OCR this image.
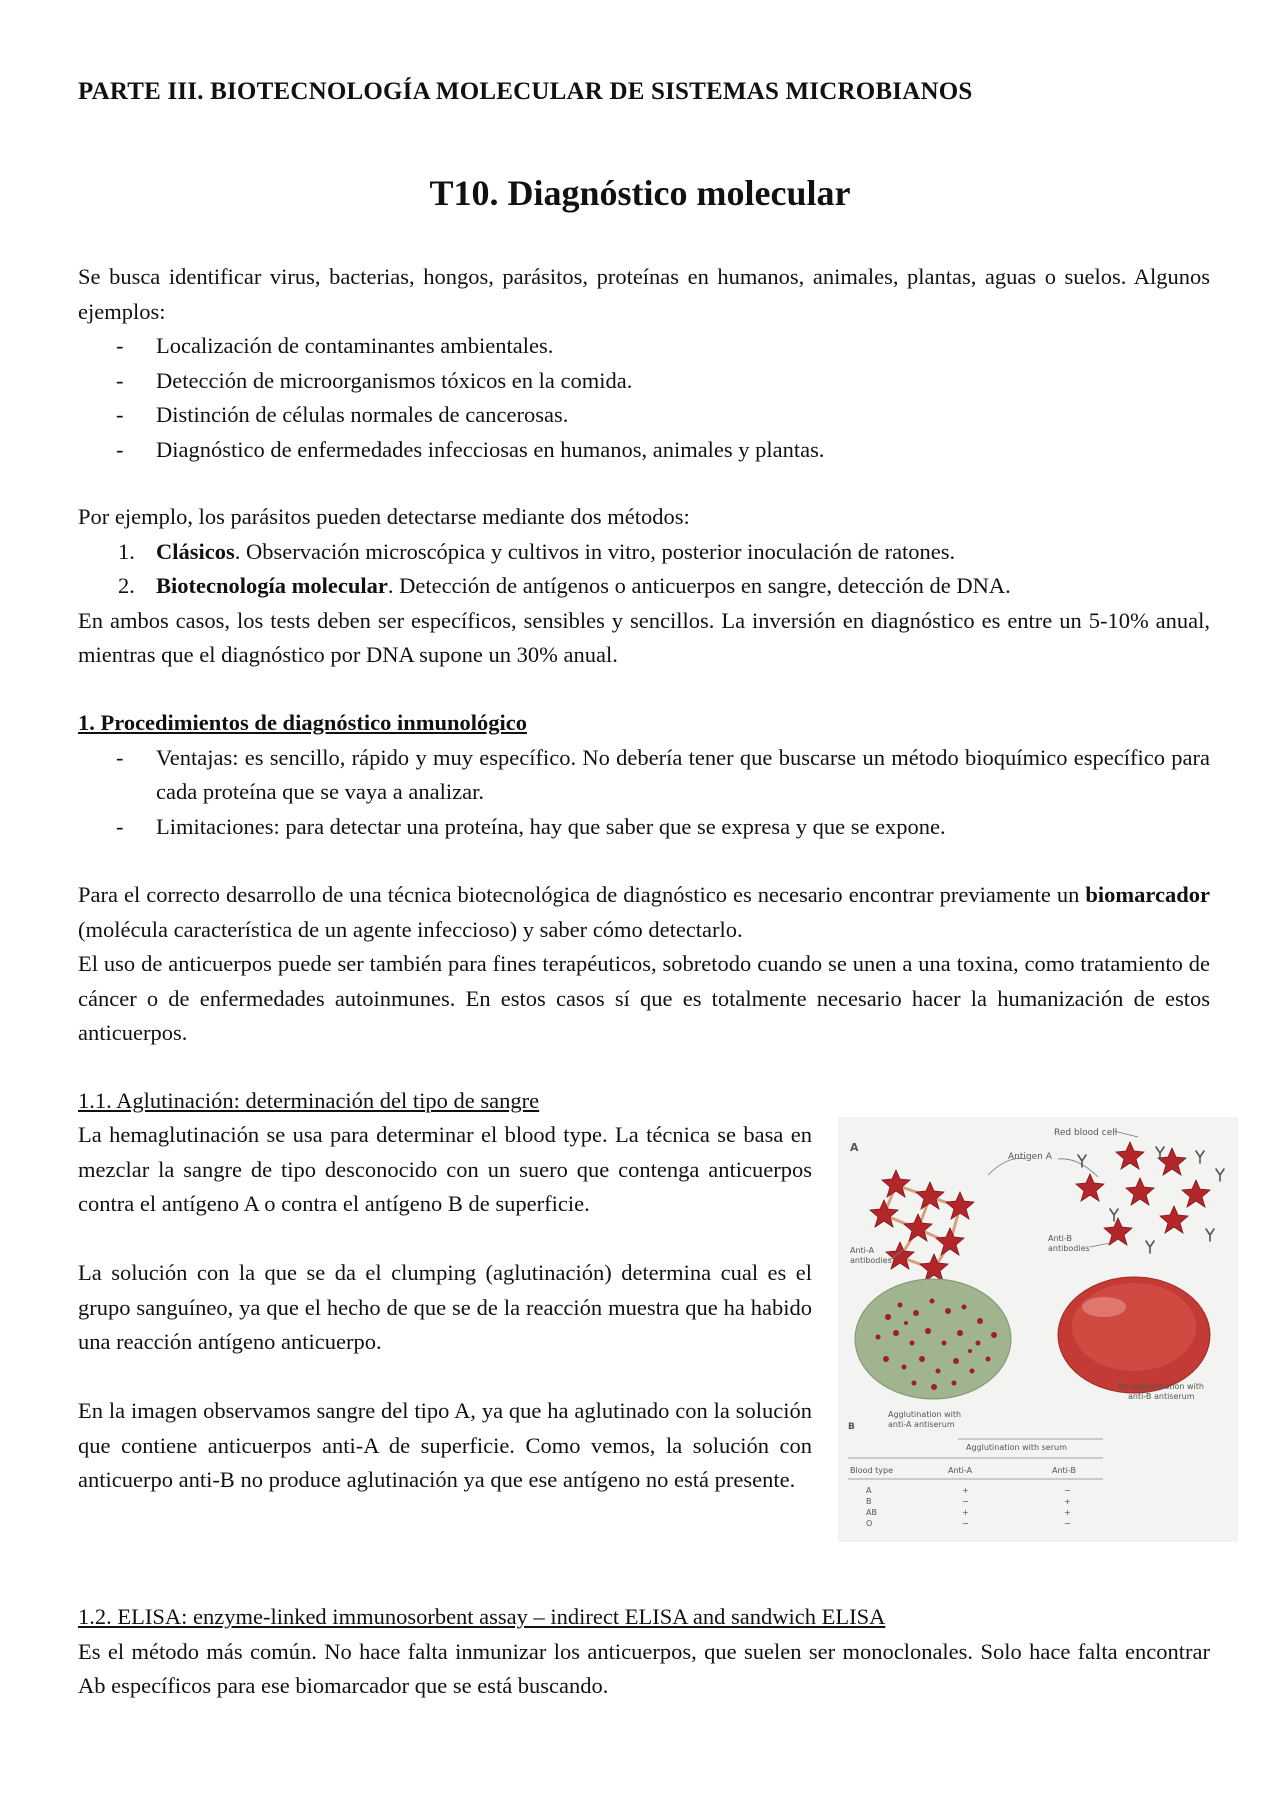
PARTE III. BIOTECNOLOGÍA MOLECULAR DE SISTEMAS MICROBIANOS
T10. Diagnóstico molecular

Se busca identificar virus, bacterias, hongos, parásitos, proteínas en humanos, animales, plantas, aguas o suelos. Algunos ejemplos:

- Localización de contaminantes ambientales.
- Detección de microorganismos tóxicos en la comida.
- Distinción de células normales de cancerosas.
- Diagnóstico de enfermedades infecciosas en humanos, animales y plantas.

Por ejemplo, los parásitos pueden detectarse mediante dos métodos:

1. Clásicos. Observación microscópica y cultivos in vitro, posterior inoculación de ratones.
2. Biotecnología molecular. Detección de antígenos o anticuerpos en sangre, detección de DNA.

En ambos casos, los tests deben ser específicos, sensibles y sencillos. La inversión en diagnóstico es entre un 5-10% anual, mientras que el diagnóstico por DNA supone un 30% anual.

1. Procedimientos de diagnóstico inmunológico

- Ventajas: es sencillo, rápido y muy específico. No debería tener que buscarse un método bioquímico específico para cada proteína que se vaya a analizar.
- Limitaciones: para detectar una proteína, hay que saber que se expresa y que se expone.

Para el correcto desarrollo de una técnica biotecnológica de diagnóstico es necesario encontrar previamente un biomarcador (molécula característica de un agente infeccioso) y saber cómo detectarlo.

El uso de anticuerpos puede ser también para fines terapéuticos, sobretodo cuando se unen a una toxina, como tratamiento de cáncer o de enfermedades autoinmunes. En estos casos sí que es totalmente necesario hacer la humanización de estos anticuerpos.

1.1. Aglutinación: determinación del tipo de sangre

La hemaglutinación se usa para determinar el blood type. La técnica se basa en mezclar la sangre de tipo desconocido con un suero que contenga anticuerpos contra el antígeno A o contra el antígeno B de superficie.

La solución con la que se da el clumping (aglutinación) determina cual es el grupo sanguíneo, ya que el hecho de que se de la reacción muestra que ha habido una reacción antígeno anticuerpo.

En la imagen observamos sangre del tipo A, ya que ha aglutinado con la solución que contiene anticuerpos anti-A de superficie. Como vemos, la solución con anticuerpo anti-B no produce aglutinación ya que ese antígeno no está presente.

A
Red blood cell
Antigen A
Anti-A
antibodies
Anti-B
antibodies
Agglutination with
anti-A antiserum
No agglutination with
anti-B antiserum
B
Agglutination with serum
Blood type	Anti-A	Anti-B
A	+	−
B	−	+
AB	+	+
O	−	−

1.2. ELISA: enzyme-linked immunosorbent assay – indirect ELISA and sandwich ELISA

Es el método más común. No hace falta inmunizar los anticuerpos, que suelen ser monoclonales. Solo hace falta encontrar Ab específicos para ese biomarcador que se está buscando.
